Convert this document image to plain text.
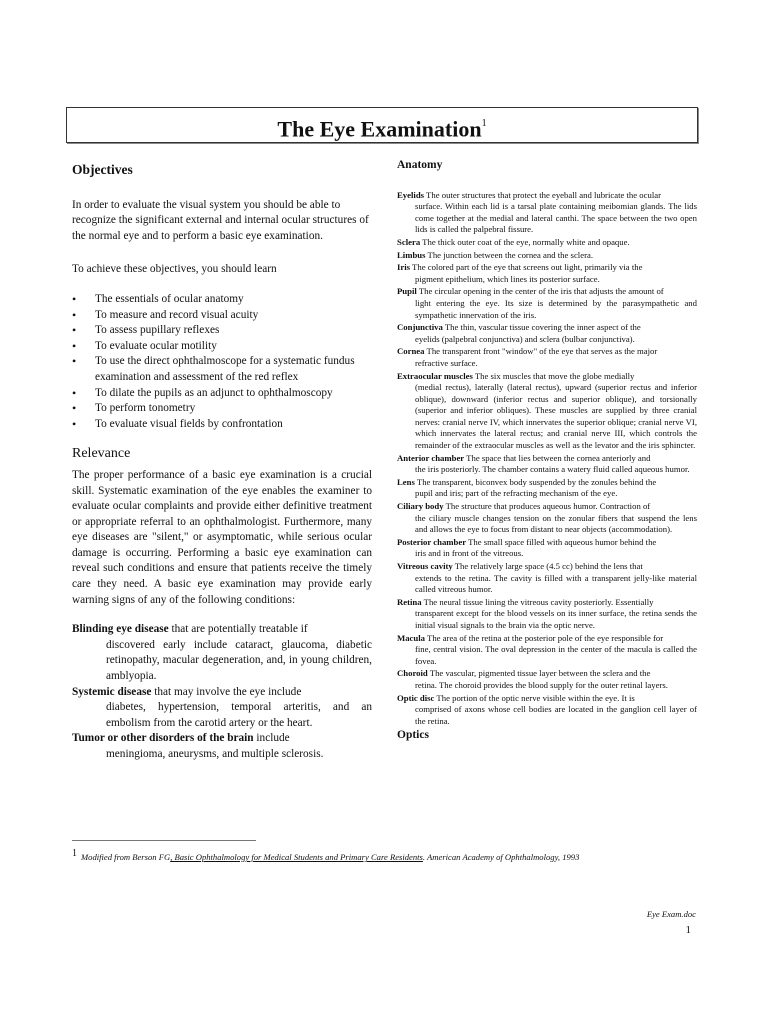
The Eye Examination$^1$
Objectives

In order to evaluate the visual system you should be able to recognize the significant external and internal ocular structures of the normal eye and to perform a basic eye examination.

To achieve these objectives, you should learn

• The essentials of ocular anatomy
• To measure and record visual acuity
• To assess pupillary reflexes
• To evaluate ocular motility
• To use the direct ophthalmoscope for a systematic fundus examination and assessment of the red reflex
• To dilate the pupils as an adjunct to ophthalmoscopy
• To perform tonometry
• To evaluate visual fields by confrontation
Relevance

The proper performance of a basic eye examination is a crucial skill. Systematic examination of the eye enables the examiner to evaluate ocular complaints and provide either definitive treatment or appropriate referral to an ophthalmologist. Furthermore, many eye diseases are "silent," or asymptomatic, while serious ocular damage is occurring. Performing a basic eye examination can reveal such conditions and ensure that patients receive the timely care they need. A basic eye examination may provide early warning signs of any of the following conditions:

Blinding eye disease that are potentially treatable if

discovered early include cataract, glaucoma, diabetic retinopathy, macular degeneration, and, in young children, amblyopia.

Systemic disease that may involve the eye include

diabetes, hypertension, temporal arteritis, and an embolism from the carotid artery or the heart.

Tumor or other disorders of the brain include

meningioma, aneurysms, and multiple sclerosis.

Anatomy
Eyelids The outer structures that protect the eyeball and lubricate the ocular
surface. Within each lid is a tarsal plate containing meibomian glands. The lids come together at the medial and lateral canthi. The space between the two open lids is called the palpebral fissure.
Sclera The thick outer coat of the eye, normally white and opaque.
Limbus The junction between the cornea and the sclera.
Iris The colored part of the eye that screens out light, primarily via the
pigment epithelium, which lines its posterior surface.
Pupil The circular opening in the center of the iris that adjusts the amount of
light entering the eye. Its size is determined by the parasympathetic and sympathetic innervation of the iris.
Conjunctiva The thin, vascular tissue covering the inner aspect of the
eyelids (palpebral conjunctiva) and sclera (bulbar conjunctiva).
Cornea The transparent front "window" of the eye that serves as the major
refractive surface.
Extraocular muscles The six muscles that move the globe medially
(medial rectus), laterally (lateral rectus), upward (superior rectus and inferior oblique), downward (inferior rectus and superior oblique), and torsionally (superior and inferior obliques). These muscles are supplied by three cranial nerves: cranial nerve IV, which innervates the superior oblique; cranial nerve VI, which innervates the lateral rectus; and cranial nerve III, which controls the remainder of the extraocular muscles as well as the levator and the iris sphincter.
Anterior chamber The space that lies between the cornea anteriorly and
the iris posteriorly. The chamber contains a watery fluid called aqueous humor.
Lens The transparent, biconvex body suspended by the zonules behind the
pupil and iris; part of the refracting mechanism of the eye.
Ciliary body The structure that produces aqueous humor. Contraction of
the ciliary muscle changes tension on the zonular fibers that suspend the lens and allows the eye to focus from distant to near objects (accommodation).
Posterior chamber The small space filled with aqueous humor behind the
iris and in front of the vitreous.
Vitreous cavity The relatively large space (4.5 cc) behind the lens that
extends to the retina. The cavity is filled with a transparent jelly-like material called vitreous humor.
Retina The neural tissue lining the vitreous cavity posteriorly. Essentially
transparent except for the blood vessels on its inner surface, the retina sends the initial visual signals to the brain via the optic nerve.
Macula The area of the retina at the posterior pole of the eye responsible for
fine, central vision. The oval depression in the center of the macula is called the fovea.
Choroid The vascular, pigmented tissue layer between the sclera and the
retina. The choroid provides the blood supply for the outer retinal layers.
Optic disc The portion of the optic nerve visible within the eye. It is
comprised of axons whose cell bodies are located in the ganglion cell layer of the retina.
Optics
$^1$ Modified from Berson FG, Basic Ophthalmology for Medical Students and Primary Care Residents. American Academy of Ophthalmology, 1993
Eye Exam.doc
1
